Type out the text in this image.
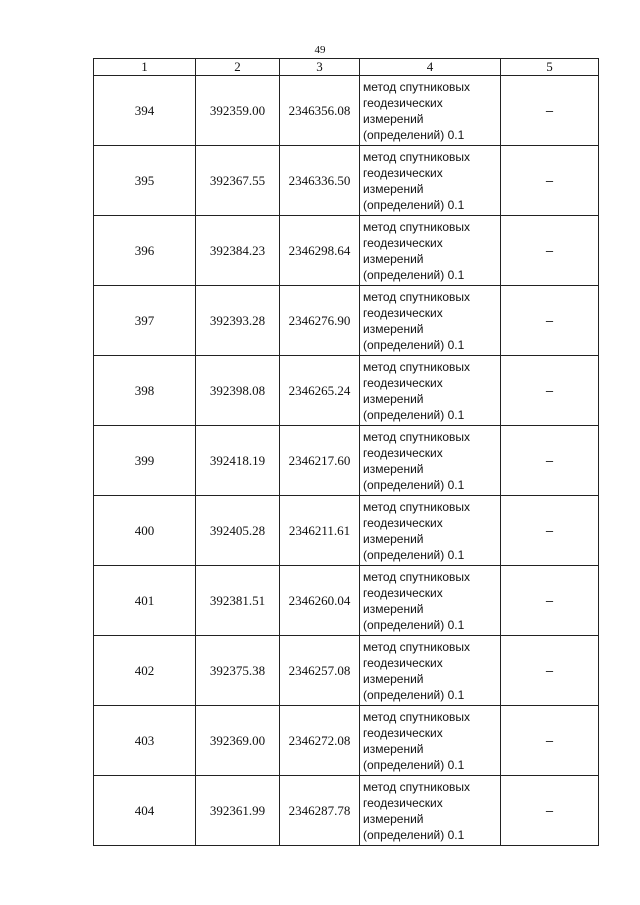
49
1	2	3	4	5
394	392359.00	2346356.08	метод спутниковых геодезических измерений (определений) 0.1	–
395	392367.55	2346336.50	метод спутниковых геодезических измерений (определений) 0.1	–
396	392384.23	2346298.64	метод спутниковых геодезических измерений (определений) 0.1	–
397	392393.28	2346276.90	метод спутниковых геодезических измерений (определений) 0.1	–
398	392398.08	2346265.24	метод спутниковых геодезических измерений (определений) 0.1	–
399	392418.19	2346217.60	метод спутниковых геодезических измерений (определений) 0.1	–
400	392405.28	2346211.61	метод спутниковых геодезических измерений (определений) 0.1	–
401	392381.51	2346260.04	метод спутниковых геодезических измерений (определений) 0.1	–
402	392375.38	2346257.08	метод спутниковых геодезических измерений (определений) 0.1	–
403	392369.00	2346272.08	метод спутниковых геодезических измерений (определений) 0.1	–
404	392361.99	2346287.78	метод спутниковых геодезических измерений (определений) 0.1	–
